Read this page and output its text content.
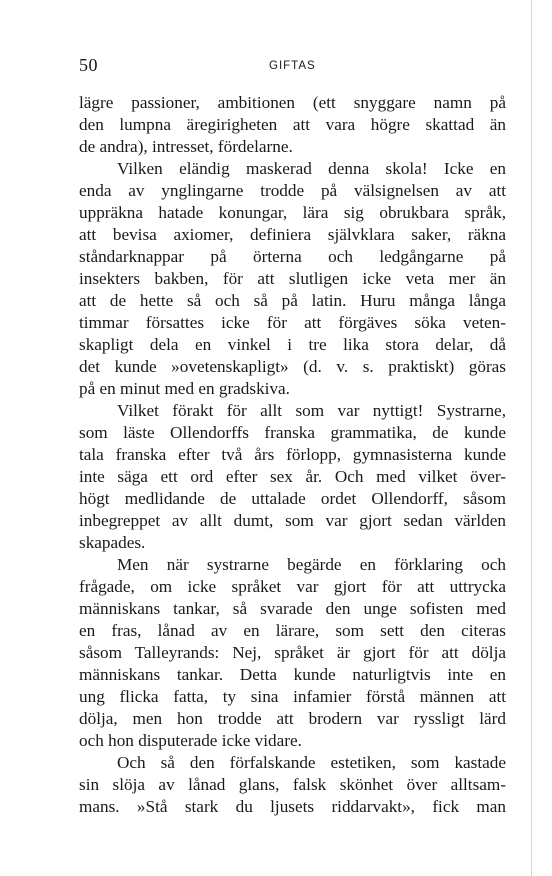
50	GIFTAS
lägre passioner, ambitionen (ett snyggare namn på
den lumpna äregirigheten att vara högre skattad än
de andra), intresset, fördelarne.
Vilken eländig maskerad denna skola! Icke en
enda av ynglingarne trodde på välsignelsen av att
uppräkna hatade konungar, lära sig obrukbara språk,
att bevisa axiomer, definiera självklara saker, räkna
ståndarknappar på örterna och ledgångarne på
insekters bakben, för att slutligen icke veta mer än
att de hette så och så på latin. Huru många långa
timmar försattes icke för att förgäves söka veten-
skapligt dela en vinkel i tre lika stora delar, då
det kunde »ovetenskapligt» (d. v. s. praktiskt) göras
på en minut med en gradskiva.
Vilket förakt för allt som var nyttigt! Systrarne,
som läste Ollendorffs franska grammatika, de kunde
tala franska efter två års förlopp, gymnasisterna kunde
inte säga ett ord efter sex år. Och med vilket över-
högt medlidande de uttalade ordet Ollendorff, såsom
inbegreppet av allt dumt, som var gjort sedan världen
skapades.
Men när systrarne begärde en förklaring och
frågade, om icke språket var gjort för att uttrycka
människans tankar, så svarade den unge sofisten med
en fras, lånad av en lärare, som sett den citeras
såsom Talleyrands: Nej, språket är gjort för att dölja
människans tankar. Detta kunde naturligtvis inte en
ung flicka fatta, ty sina infamier förstå männen att
dölja, men hon trodde att brodern var ryssligt lärd
och hon disputerade icke vidare.
Och så den förfalskande estetiken, som kastade
sin slöja av lånad glans, falsk skönhet över alltsam-
mans. »Stå stark du ljusets riddarvakt», fick man
